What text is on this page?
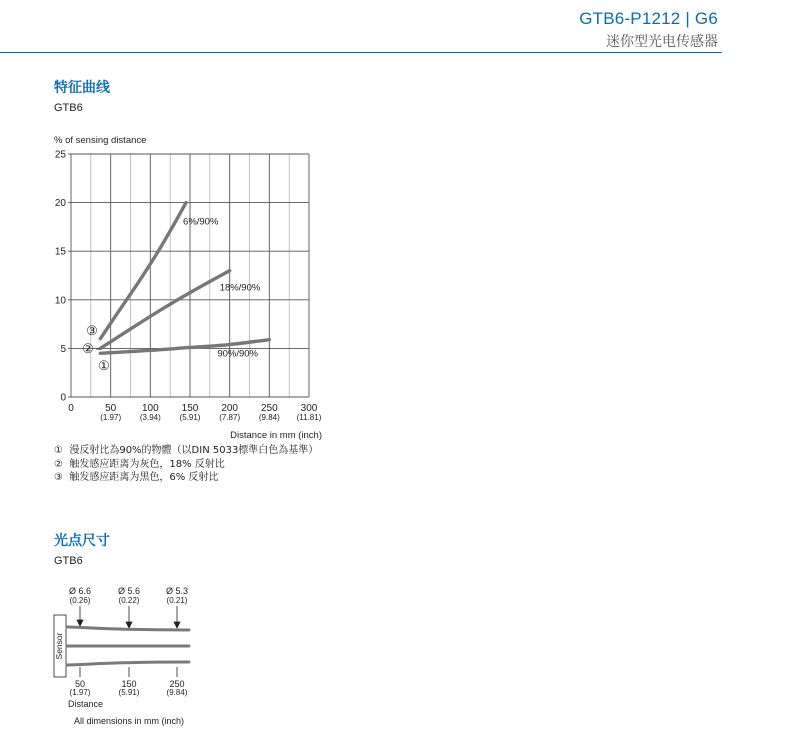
GTB6-P1212 | G6
迷你型光电传感器
特征曲线
GTB6
% of sensing distance
0
5
10
15
20
25
0	50
(1.97)
100
(3.94)
150
(5.91)
200
(7.87)
250
(9.84)
300
(11.81)
6%/90%
③
18%/90%
②	90%/90%
①
Distance in mm (inch)
① 漫反射比為90%的物體（以DIN 5033標準白色為基準）
② 触发感应距离为灰色，18% 反射比
③ 触发感应距离为黑色，6% 反射比
光点尺寸
GTB6
Ø 6.6
(0.26)
Ø 5.6
(0.22)
Ø 5.3
(0.21)
Sensor
50
(1.97)
150
(5.91)
250
(9.84)
Distance
All dimensions in mm (inch)
